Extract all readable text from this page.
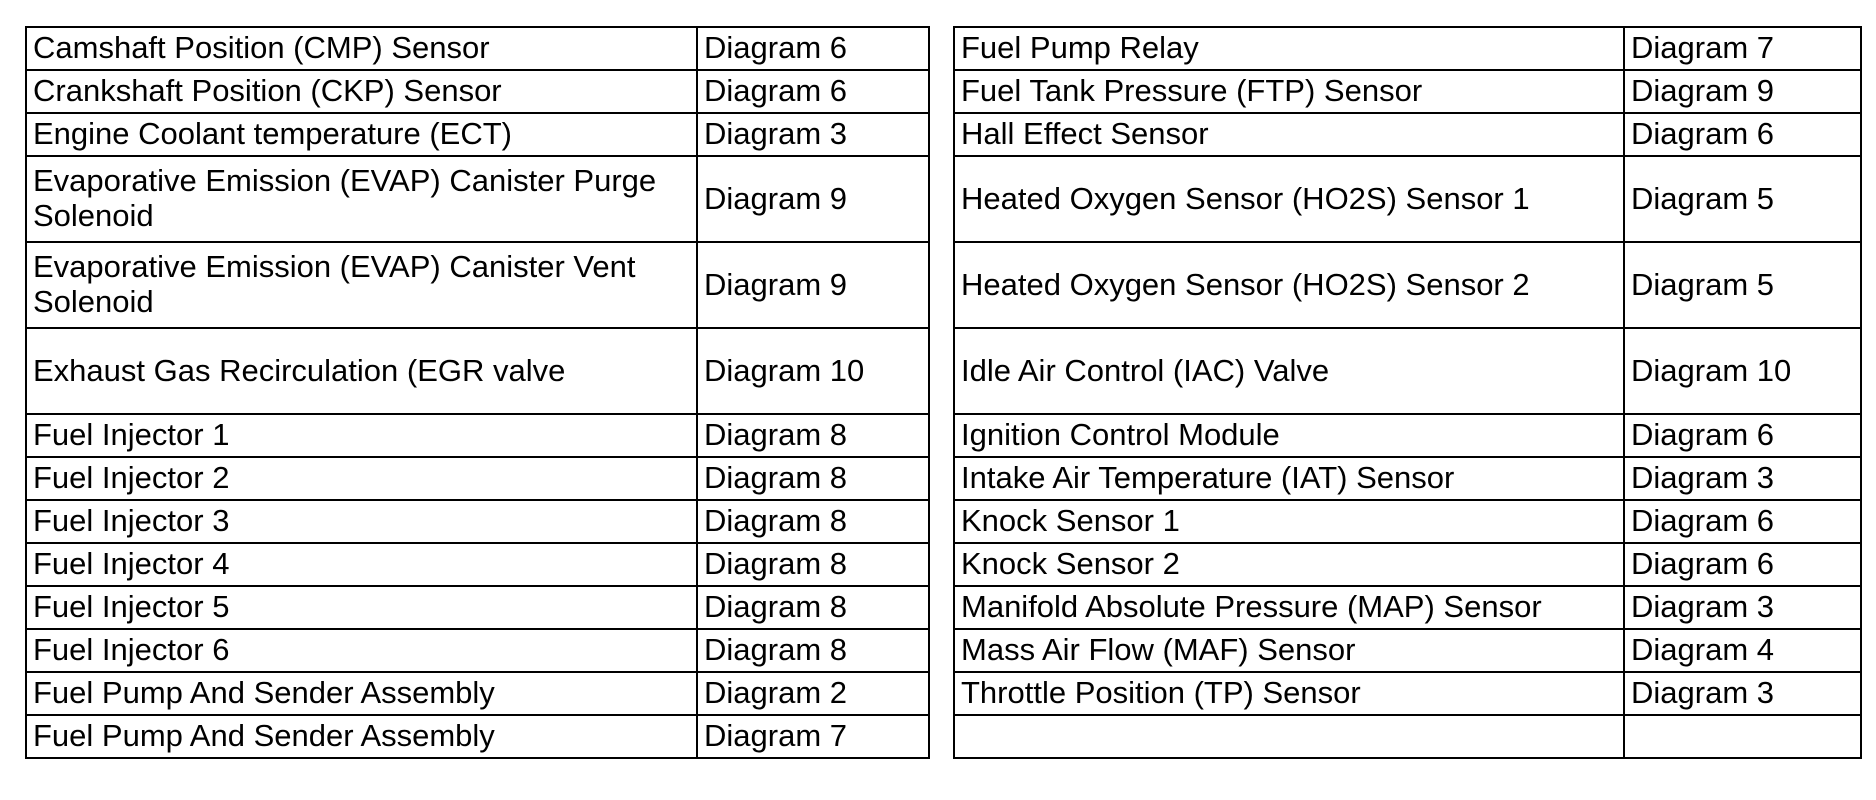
Camshaft Position (CMP) Sensor	Diagram 6		Fuel Pump Relay	Diagram 7
Crankshaft Position (CKP) Sensor	Diagram 6		Fuel Tank Pressure (FTP) Sensor	Diagram 9
Engine Coolant temperature (ECT)	Diagram 3		Hall Effect Sensor	Diagram 6
Evaporative Emission (EVAP) Canister Purge Solenoid	Diagram 9		Heated Oxygen Sensor (HO2S) Sensor 1	Diagram 5
Evaporative Emission (EVAP) Canister Vent Solenoid	Diagram 9		Heated Oxygen Sensor (HO2S) Sensor 2	Diagram 5
Exhaust Gas Recirculation (EGR valve	Diagram 10		Idle Air Control (IAC) Valve	Diagram 10
Fuel Injector 1	Diagram 8		Ignition Control Module	Diagram 6
Fuel Injector 2	Diagram 8		Intake Air Temperature (IAT) Sensor	Diagram 3
Fuel Injector 3	Diagram 8		Knock Sensor 1	Diagram 6
Fuel Injector 4	Diagram 8		Knock Sensor 2	Diagram 6
Fuel Injector 5	Diagram 8		Manifold Absolute Pressure (MAP) Sensor	Diagram 3
Fuel Injector 6	Diagram 8		Mass Air Flow (MAF) Sensor	Diagram 4
Fuel Pump And Sender Assembly	Diagram 2		Throttle Position (TP) Sensor	Diagram 3
Fuel Pump And Sender Assembly	Diagram 7			
